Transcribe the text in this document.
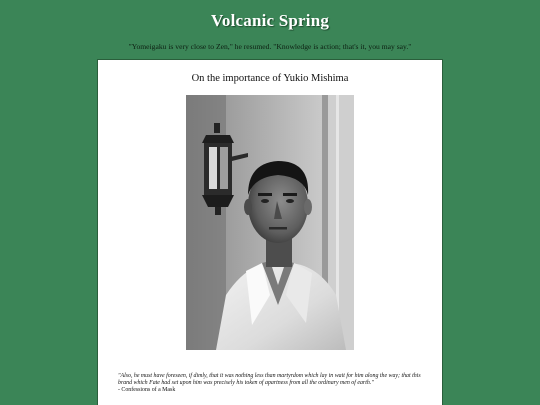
Volcanic Spring
"Yomeigaku is very close to Zen," he resumed. "Knowledge is action; that's it, you may say."
On the importance of Yukio Mishima
"Also, he must have foreseen, if dimly, that it was nothing less than martyrdom which lay in wait for him along the way; that this brand which Fate had set upon him was precisely his token of apartness from all the ordinary men of earth."
- Confessions of a Mask
